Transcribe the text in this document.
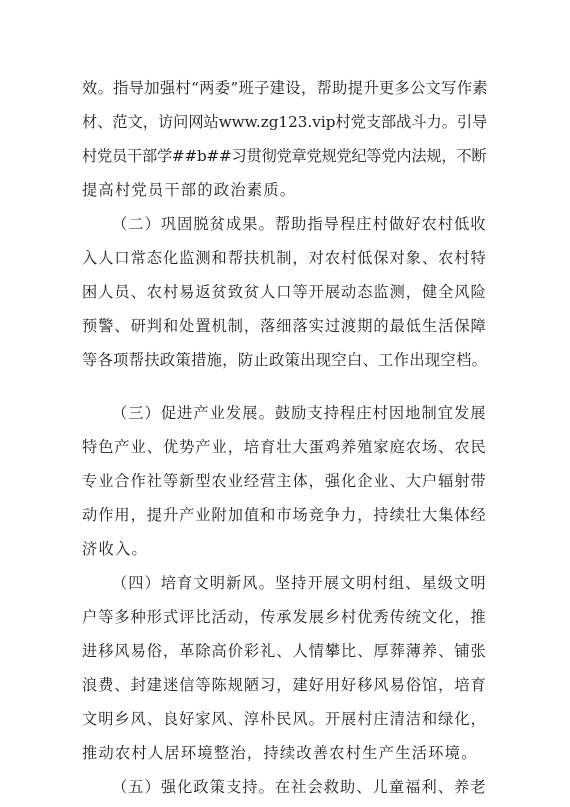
效。指导加强村“两委”班子建设，帮助提升更多公文写作素
材、范文，访问网站www.zg123.vip村党支部战斗力。引导
村党员干部学##b##习贯彻党章党规党纪等党内法规，不断
提高村党员干部的政治素质。
（二）巩固脱贫成果。帮助指导程庄村做好农村低收
入人口常态化监测和帮扶机制，对农村低保对象、农村特
困人员、农村易返贫致贫人口等开展动态监测，健全风险
预警、研判和处置机制，落细落实过渡期的最低生活保障
等各项帮扶政策措施，防止政策出现空白、工作出现空档。
（三）促进产业发展。鼓励支持程庄村因地制宜发展
特色产业、优势产业，培育壮大蛋鸡养殖家庭农场、农民
专业合作社等新型农业经营主体，强化企业、大户辐射带
动作用，提升产业附加值和市场竞争力，持续壮大集体经
济收入。
（四）培育文明新风。坚持开展文明村组、星级文明
户等多种形式评比活动，传承发展乡村优秀传统文化，推
进移风易俗，革除高价彩礼、人情攀比、厚葬薄养、铺张
浪费、封建迷信等陈规陋习，建好用好移风易俗馆，培育
文明乡风、良好家风、淳朴民风。开展村庄清洁和绿化，
推动农村人居环境整治，持续改善农村生产生活环境。
（五）强化政策支持。在社会救助、儿童福利、养老
